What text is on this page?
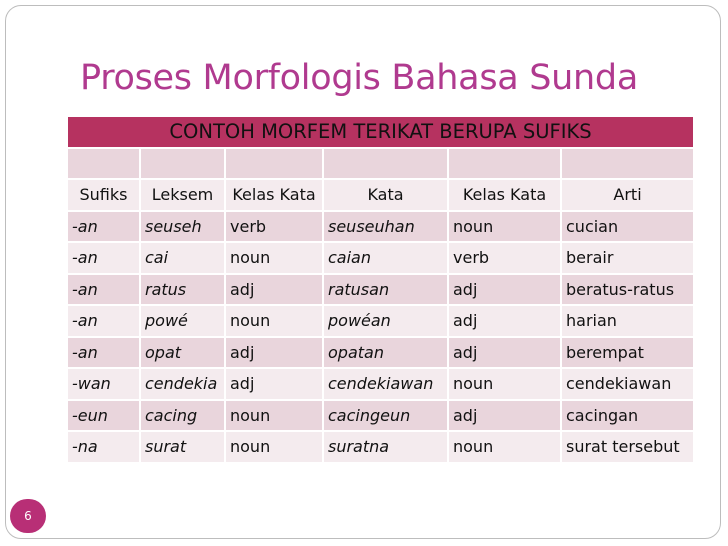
Proses Morfologis Bahasa Sunda
CONTOH MORFEM TERIKAT BERUPA SUFIKS					

Sufiks	Leksem	Kelas Kata	Kata	Kelas Kata	Arti
-an	seuseh	verb	seuseuhan	noun	cucian
-an	cai	noun	caian	verb	berair
-an	ratus	adj	ratusan	adj	beratus-ratus
-an	powé	noun	powéan	adj	harian
-an	opat	adj	opatan	adj	berempat
-wan	cendekia	adj	cendekiawan	noun	cendekiawan
-eun	cacing	noun	cacingeun	adj	cacingan
-na	surat	noun	suratna	noun	surat tersebut
6
